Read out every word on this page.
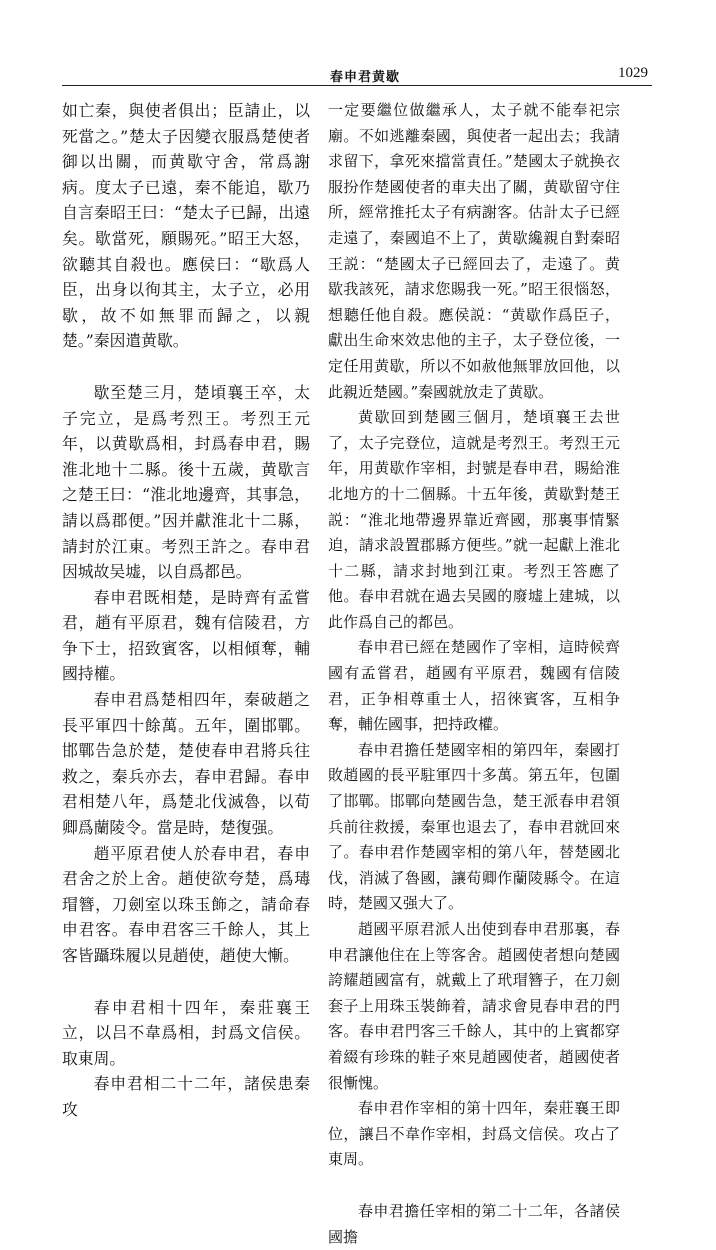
春申君黄歇	1029

如亡秦，與使者俱出；臣請止，以死當之。”楚太子因變衣服爲楚使者御以出關，而黄歇守舍，常爲謝病。度太子已遠，秦不能追，歇乃自言秦昭王曰：“楚太子已歸，出遠矣。歇當死，願賜死。”昭王大怒，欲聽其自殺也。應侯曰：“歇爲人臣，出身以徇其主，太子立，必用歇，故不如無罪而歸之，以親楚。”秦因遣黄歇。

歇至楚三月，楚頃襄王卒，太子完立，是爲考烈王。考烈王元年，以黄歇爲相，封爲春申君，賜淮北地十二縣。後十五歲，黄歇言之楚王曰：“淮北地邊齊，其事急，請以爲郡便。”因并獻淮北十二縣，請封於江東。考烈王許之。春申君因城故吴墟，以自爲都邑。

春申君既相楚，是時齊有孟嘗君，趙有平原君，魏有信陵君，方争下士，招致賓客，以相傾奪，輔國持權。

春申君爲楚相四年，秦破趙之長平軍四十餘萬。五年，圍邯鄲。邯鄲告急於楚，楚使春申君將兵往救之，秦兵亦去，春申君歸。春申君相楚八年，爲楚北伐滅魯，以荀卿爲蘭陵令。當是時，楚復强。

趙平原君使人於春申君，春申君舍之於上舍。趙使欲夸楚，爲瑇瑁簪，刀劍室以珠玉飾之，請命春申君客。春申君客三千餘人，其上客皆躡珠履以見趙使，趙使大慚。

春申君相十四年，秦莊襄王立，以吕不韋爲相，封爲文信侯。取東周。

春申君相二十二年，諸侯患秦攻

一定要繼位做繼承人，太子就不能奉祀宗廟。不如逃離秦國，與使者一起出去；我請求留下，拿死來擋當責任。”楚國太子就换衣服扮作楚國使者的車夫出了關，黄歇留守住所，經常推托太子有病謝客。估計太子已經走遠了，秦國追不上了，黄歇纔親自對秦昭王説：“楚國太子已經回去了，走遠了。黄歇我該死，請求您賜我一死。”昭王很惱怒，想聽任他自殺。應侯説：“黄歇作爲臣子，獻出生命來效忠他的主子，太子登位後，一定任用黄歇，所以不如赦他無罪放回他，以此親近楚國。”秦國就放走了黄歇。

黄歇回到楚國三個月，楚頃襄王去世了，太子完登位，這就是考烈王。考烈王元年，用黄歇作宰相，封號是春申君，賜給淮北地方的十二個縣。十五年後，黄歇對楚王説：“淮北地帶邊界靠近齊國，那裏事情緊迫，請求設置郡縣方便些。”就一起獻上淮北十二縣，請求封地到江東。考烈王答應了他。春申君就在過去吴國的廢墟上建城，以此作爲自己的都邑。

春申君已經在楚國作了宰相，這時候齊國有孟嘗君，趙國有平原君，魏國有信陵君，正争相尊重士人，招徠賓客，互相争奪，輔佐國事，把持政權。

春申君擔任楚國宰相的第四年，秦國打敗趙國的長平駐軍四十多萬。第五年，包圍了邯鄲。邯鄲向楚國告急，楚王派春申君領兵前往救援，秦軍也退去了，春申君就回來了。春申君作楚國宰相的第八年，替楚國北伐，消滅了魯國，讓荀卿作蘭陵縣令。在這時，楚國又强大了。

趙國平原君派人出使到春申君那裏，春申君讓他住在上等客舍。趙國使者想向楚國誇耀趙國富有，就戴上了玳瑁簪子，在刀劍套子上用珠玉裝飾着，請求會見春申君的門客。春申君門客三千餘人，其中的上賓都穿着綴有珍珠的鞋子來見趙國使者，趙國使者很慚愧。

春申君作宰相的第十四年，秦莊襄王即位，讓吕不韋作宰相，封爲文信侯。攻占了東周。

春申君擔任宰相的第二十二年，各諸侯國擔
